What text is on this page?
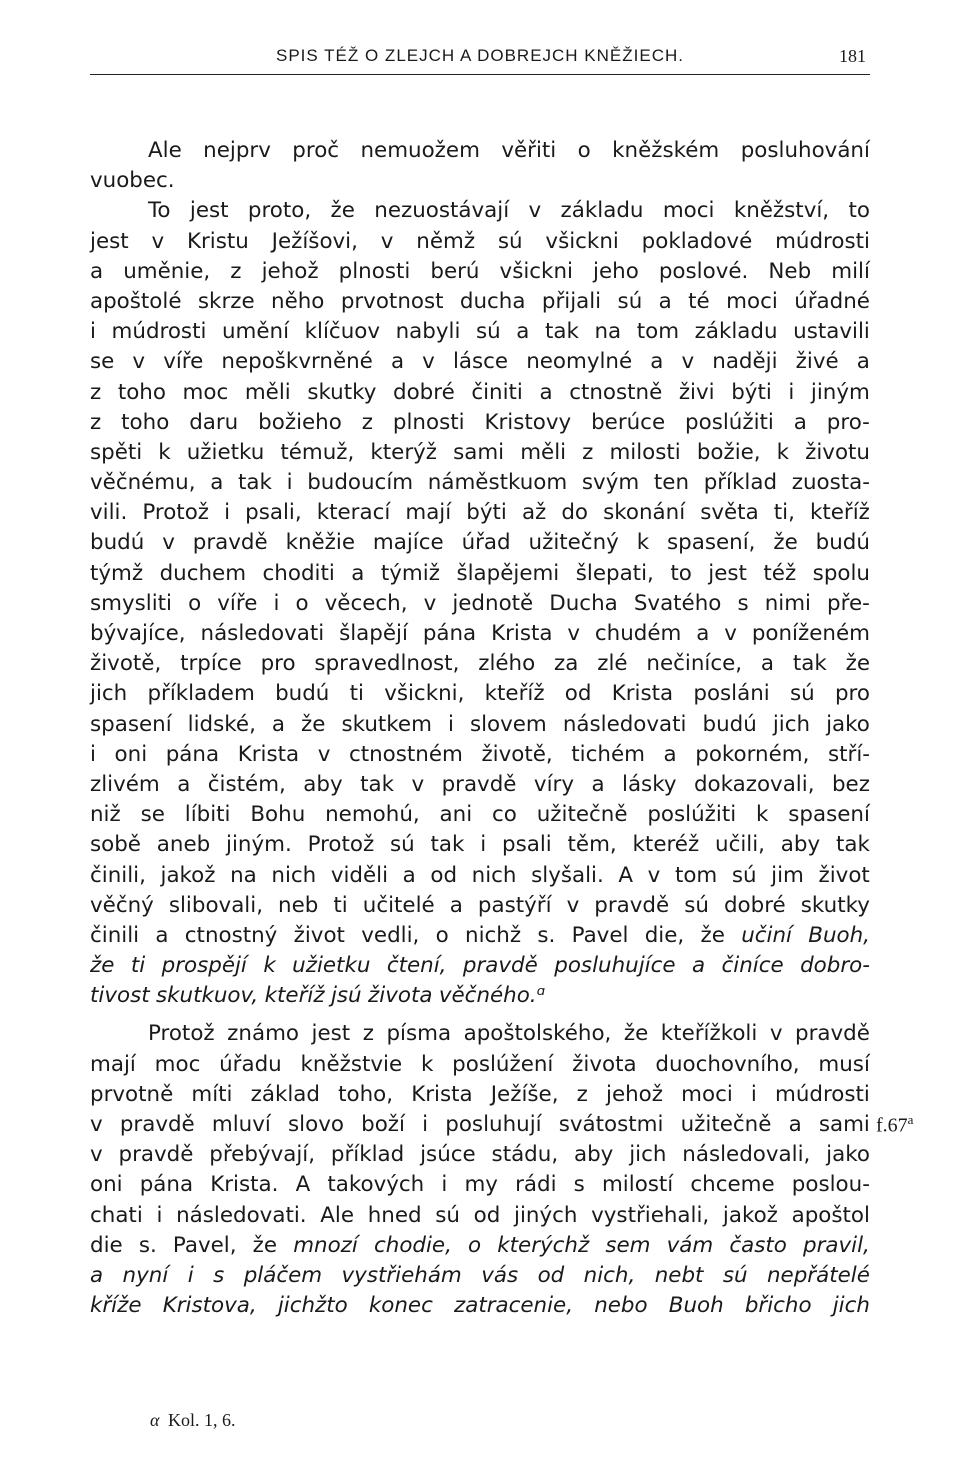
SPIS TÉŽ O ZLEJCH A DOBREJCH KNĚŽIECH.	181
Ale nejprv proč nemuožem věřiti o kněžském posluhování
vuobec.
To jest proto, že nezuostávají v základu moci kněžství, to
jest v Kristu Ježíšovi, v němž sú všickni pokladové múdrosti
a uměnie, z jehož plnosti berú všickni jeho poslové. Neb milí
apoštolé skrze něho prvotnost ducha přijali sú a té moci úřadné
i múdrosti umění klíčuov nabyli sú a tak na tom základu ustavili
se v víře nepoškvrněné a v lásce neomylné a v naději živé a
z toho moc měli skutky dobré činiti a ctnostně živi býti i jiným
z toho daru božieho z plnosti Kristovy berúce poslúžiti a pro-
spěti k užietku témuž, kterýž sami měli z milosti božie, k životu
věčnému, a tak i budoucím náměstkuom svým ten příklad zuosta-
vili. Protož i psali, kterací mají býti až do skonání světa ti, kteříž
budú v pravdě kněžie majíce úřad užitečný k spasení, že budú
týmž duchem choditi a týmiž šlapějemi šlepati, to jest též spolu
smysliti o víře i o věcech, v jednotě Ducha Svatého s nimi pře-
bývajíce, následovati šlapějí pána Krista v chudém a v poníženém
životě, trpíce pro spravedlnost, zlého za zlé nečiníce, a tak že
jich příkladem budú ti všickni, kteříž od Krista posláni sú pro
spasení lidské, a že skutkem i slovem následovati budú jich jako
i oni pána Krista v ctnostném životě, tichém a pokorném, stří-
zlivém a čistém, aby tak v pravdě víry a lásky dokazovali, bez
niž se líbiti Bohu nemohú, ani co užitečně poslúžiti k spasení
sobě aneb jiným. Protož sú tak i psali těm, kteréž učili, aby tak
činili, jakož na nich viděli a od nich slyšali. A v tom sú jim život
věčný slibovali, neb ti učitelé a pastýří v pravdě sú dobré skutky
činili a ctnostný život vedli, o nichž s. Pavel die, že učiní Buoh,
že ti prospějí k užietku čtení, pravdě posluhujíce a činíce dobro-
tivost skutkuov, kteříž jsú života věčného.ᵅ
Protož známo jest z písma apoštolského, že kteřížkoli v pravdě
mají moc úřadu kněžstvie k poslúžení života duochovního, musí
prvotně míti základ toho, Krista Ježíše, z jehož moci i múdrosti
v pravdě mluví slovo boží i posluhují svátostmi užitečně a sami
v pravdě přebývají, příklad jsúce stádu, aby jich následovali, jako
oni pána Krista. A takových i my rádi s milostí chceme poslou-
chati i následovati. Ale hned sú od jiných vystřiehali, jakož apoštol
die s. Pavel, že mnozí chodie, o kterýchž sem vám často pravil,
a nyní i s pláčem vystřiehám vás od nich, nebt sú nepřátelé
kříže Kristova, jichžto konec zatracenie, nebo Buoh břicho jich
f.67$^a$
α Kol. 1, 6.
